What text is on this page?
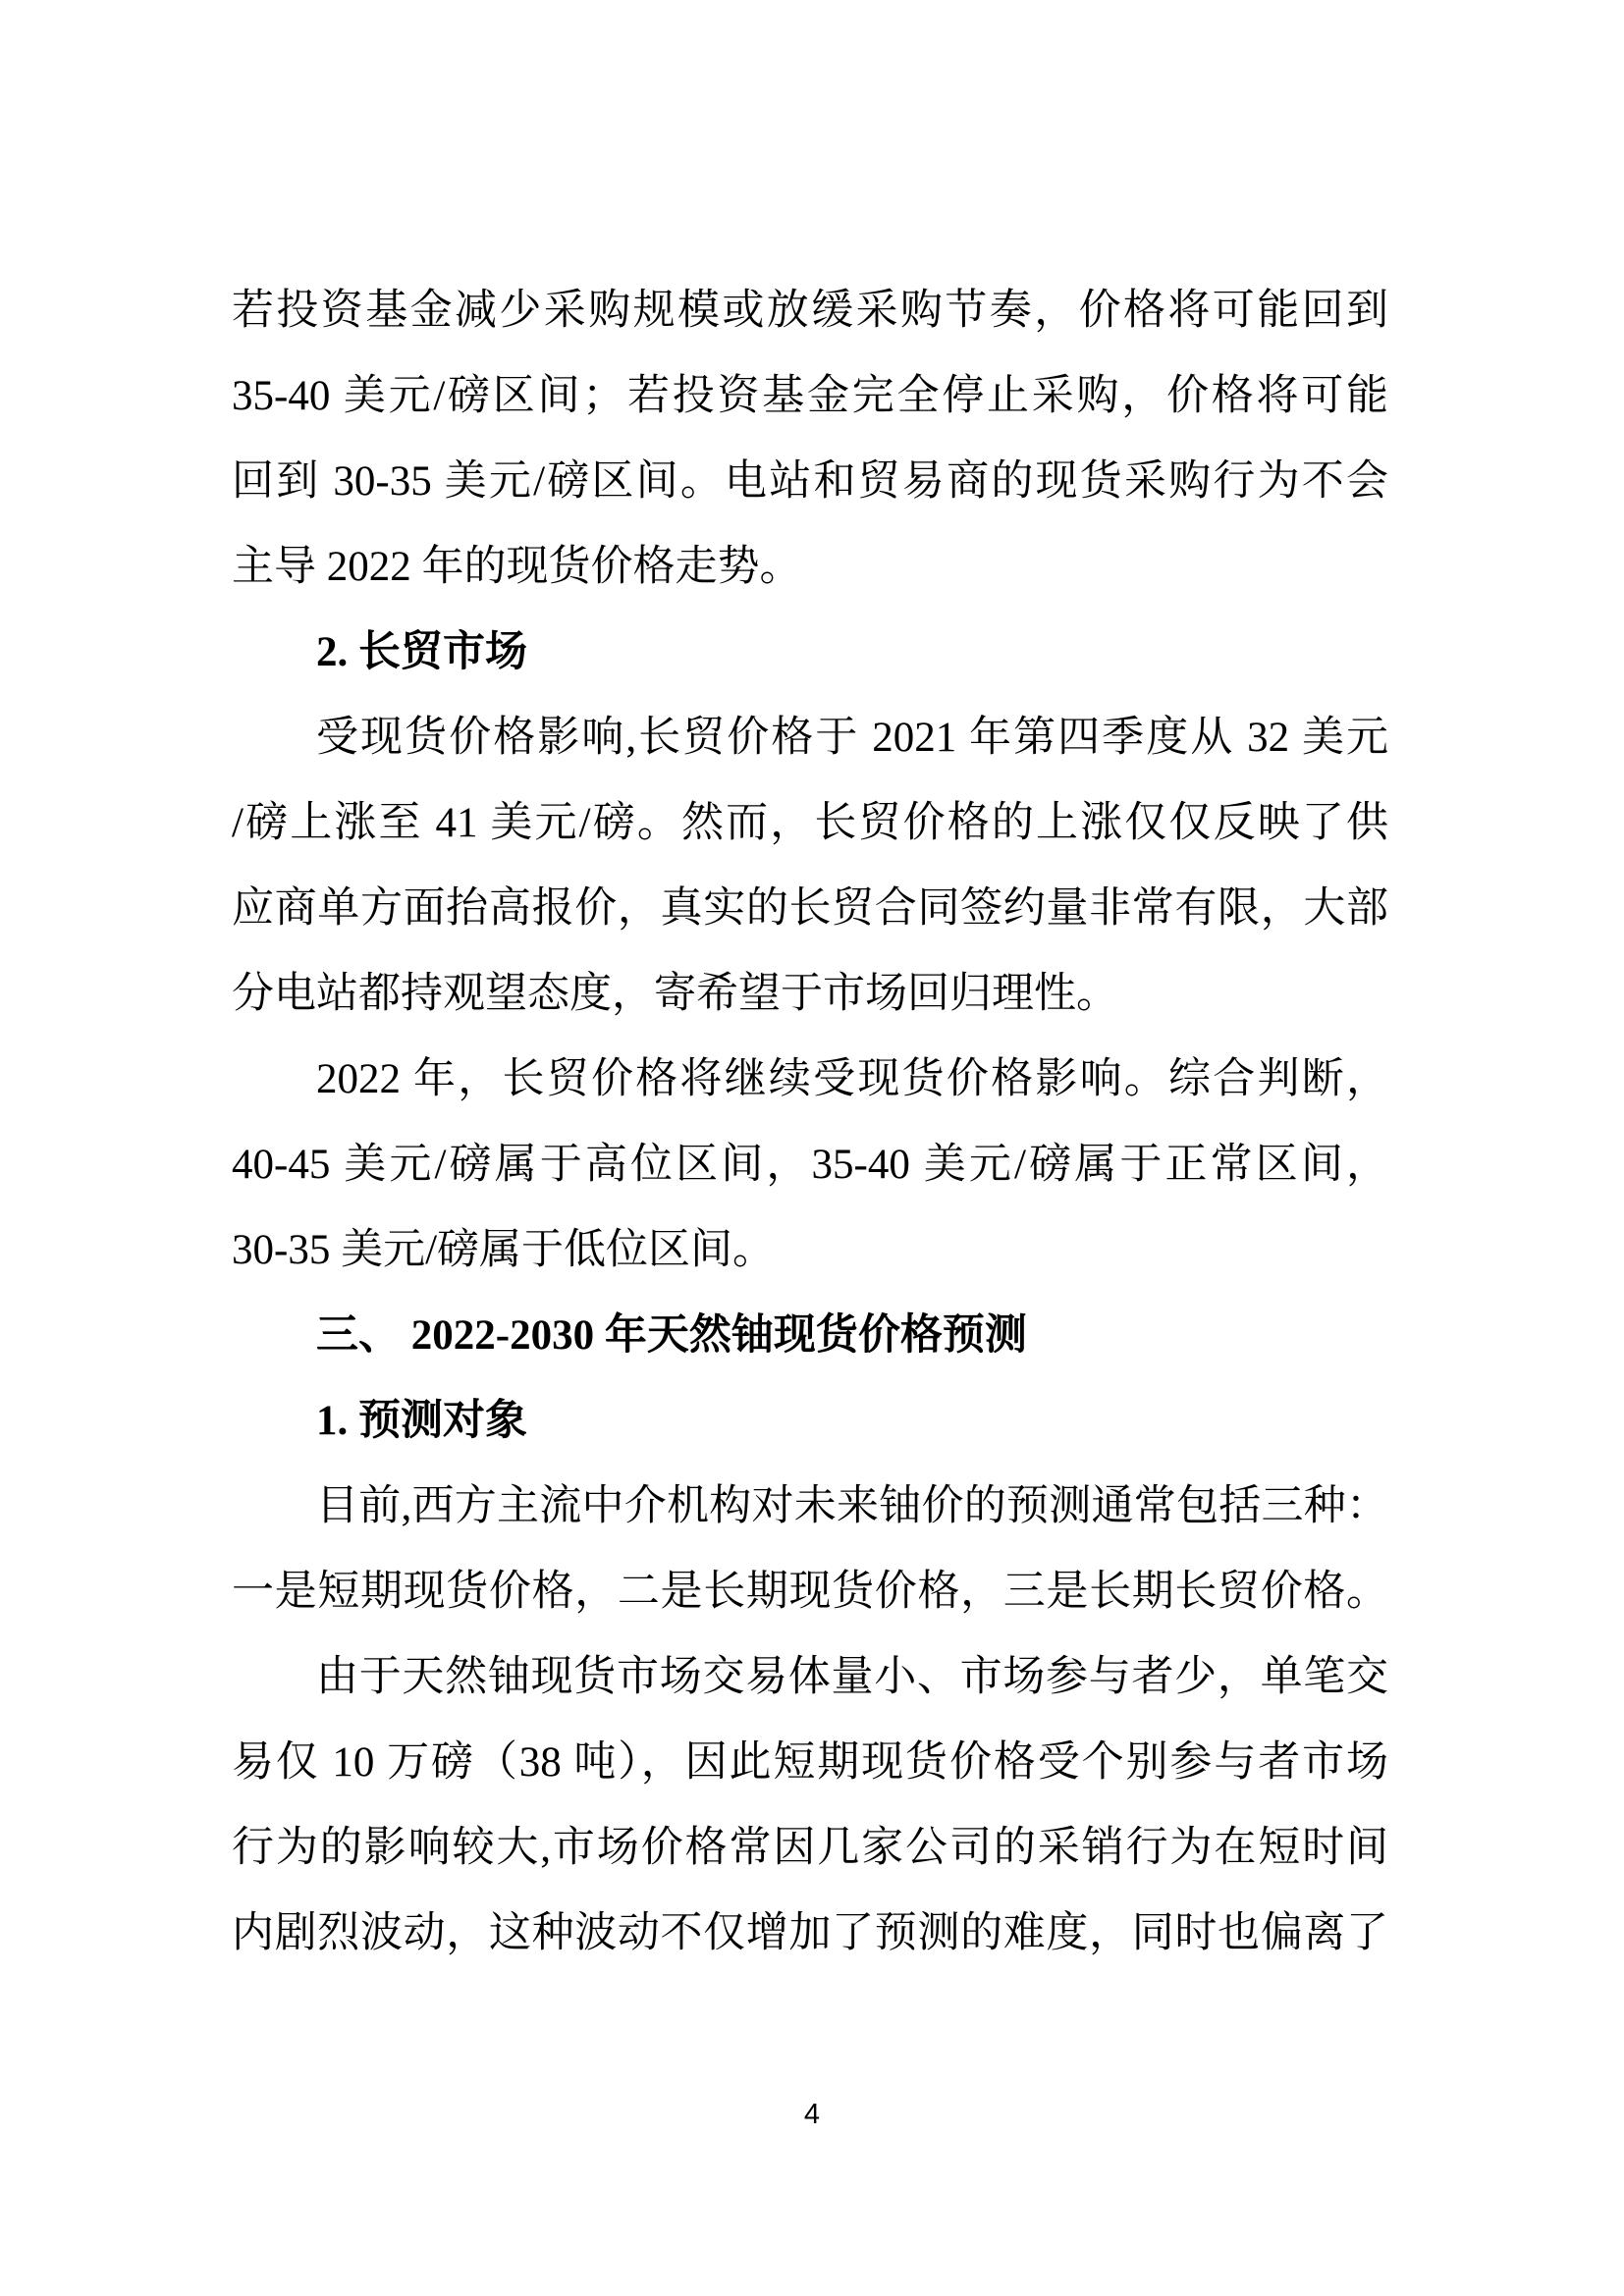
若投资基金减少采购规模或放缓采购节奏，价格将可能回到
35-40 美元/磅区间；若投资基金完全停止采购，价格将可能
回到 30-35 美元/磅区间。电站和贸易商的现货采购行为不会
主导 2022 年的现货价格走势。
2. 长贸市场
受现货价格影响,长贸价格于 2021 年第四季度从 32 美元
/磅上涨至 41 美元/磅。然而，长贸价格的上涨仅仅反映了供
应商单方面抬高报价，真实的长贸合同签约量非常有限，大部
分电站都持观望态度，寄希望于市场回归理性。
2022 年，长贸价格将继续受现货价格影响。综合判断，
40-45 美元/磅属于高位区间，35-40 美元/磅属于正常区间，
30-35 美元/磅属于低位区间。
三、 2022-2030 年天然铀现货价格预测
1. 预测对象
目前,西方主流中介机构对未来铀价的预测通常包括三种：
一是短期现货价格，二是长期现货价格，三是长期长贸价格。
由于天然铀现货市场交易体量小、市场参与者少，单笔交
易仅 10 万磅（38 吨），因此短期现货价格受个别参与者市场
行为的影响较大,市场价格常因几家公司的采销行为在短时间
内剧烈波动，这种波动不仅增加了预测的难度，同时也偏离了
4
